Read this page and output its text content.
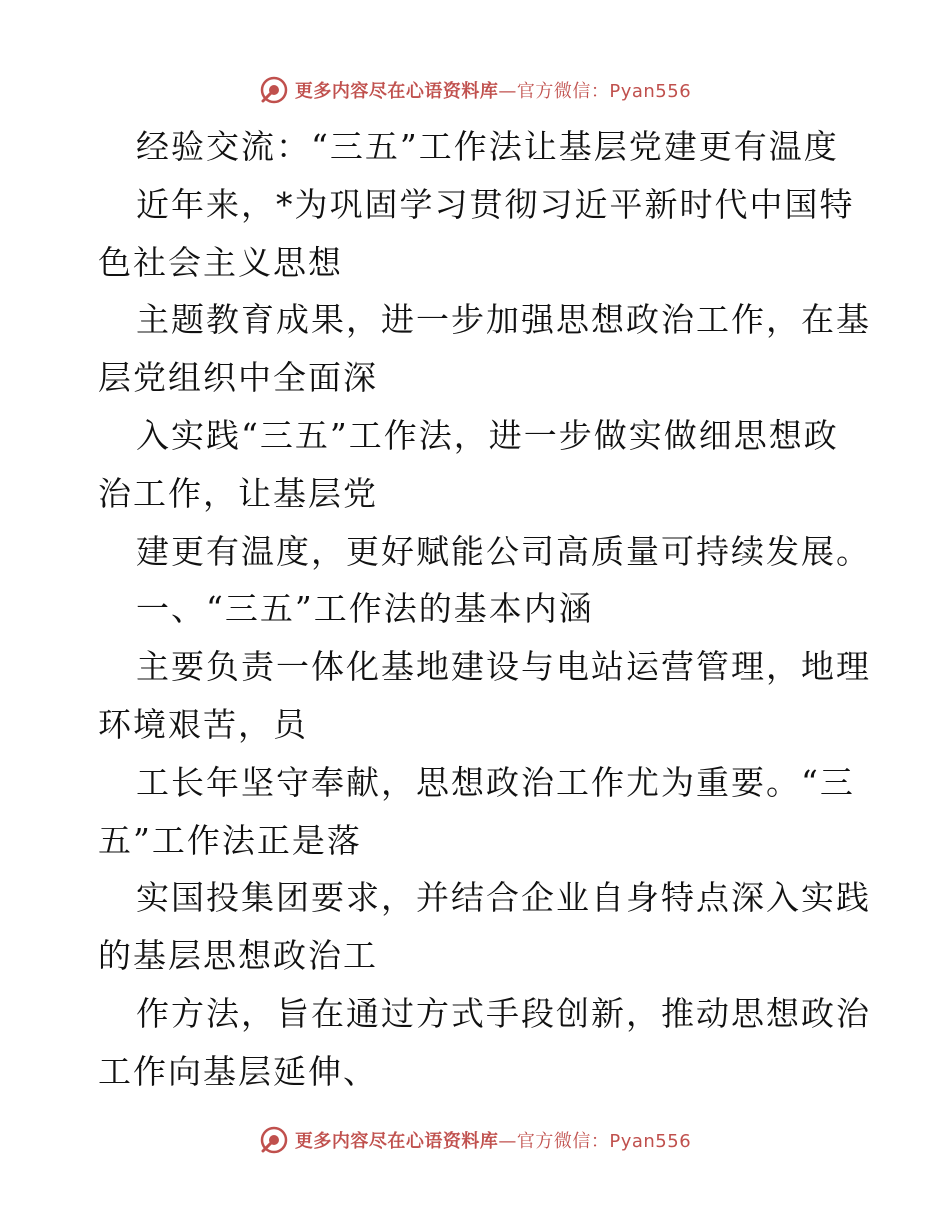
更多内容尽在心语资料库—官方微信：Pyan556
经验交流：“三五”工作法让基层党建更有温度
近年来，*为巩固学习贯彻习近平新时代中国特
色社会主义思想
主题教育成果，进一步加强思想政治工作，在基
层党组织中全面深
入实践“三五”工作法，进一步做实做细思想政
治工作，让基层党
建更有温度，更好赋能公司高质量可持续发展。
一、“三五”工作法的基本内涵
主要负责一体化基地建设与电站运营管理，地理
环境艰苦，员
工长年坚守奉献，思想政治工作尤为重要。“三
五”工作法正是落
实国投集团要求，并结合企业自身特点深入实践
的基层思想政治工
作方法，旨在通过方式手段创新，推动思想政治
工作向基层延伸、
更多内容尽在心语资料库—官方微信：Pyan556
